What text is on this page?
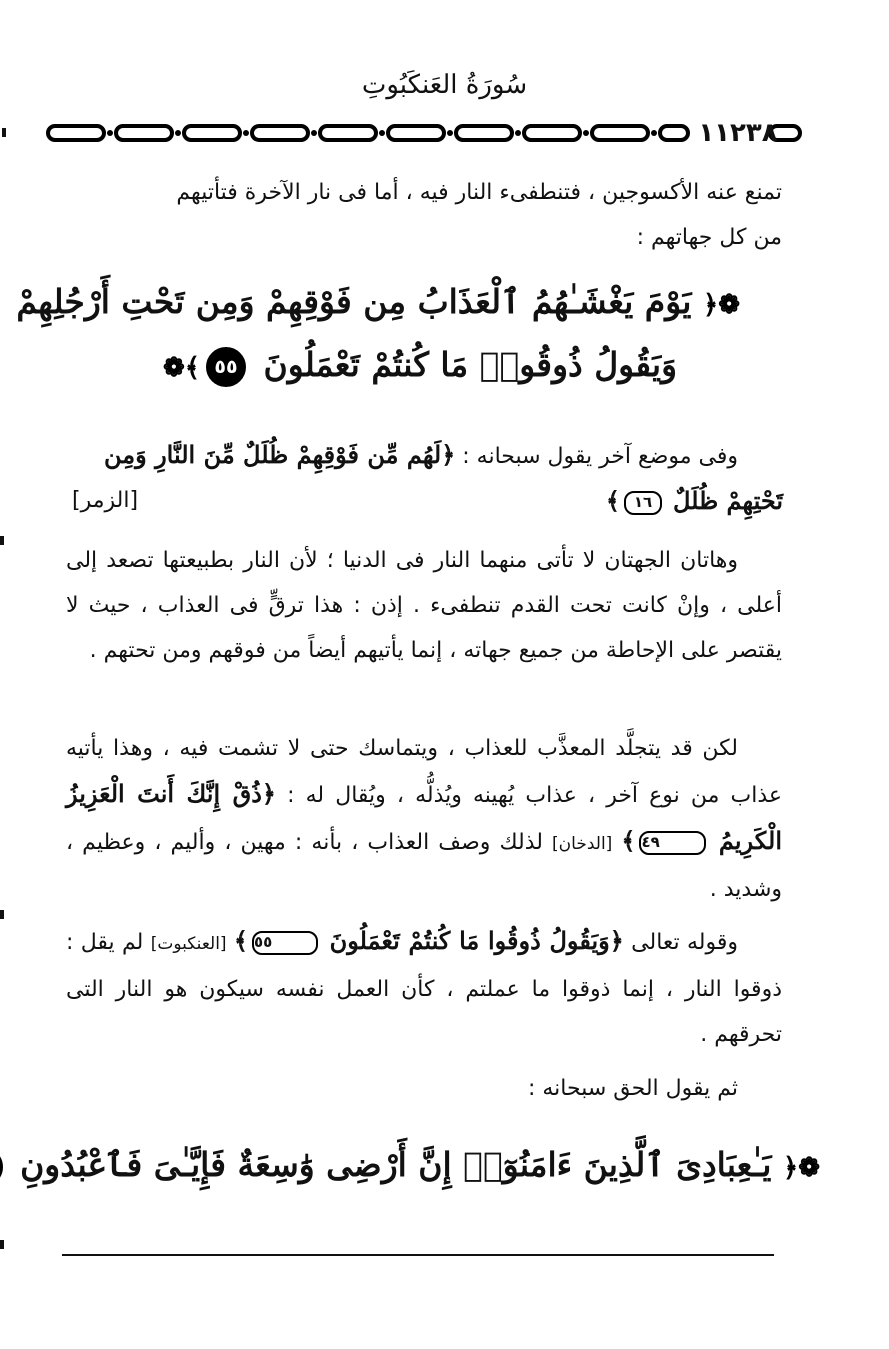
سُورَةُ العَنكَبُوتِ
١١٢٣٨
تمنع عنه الأكسوجين ، فتنطفىء النار فيه ، أما فى نار الآخرة فتأتيهم
من كل جهاتهم :
❁﴿ يَوْمَ يَغْشَـٰهُمُ ٱلْعَذَابُ مِن فَوْقِهِمْ وَمِن تَحْتِ أَرْجُلِهِمْ
وَيَقُولُ ذُوقُوا۟ مَا كُنتُمْ تَعْمَلُونَ ٥٥﴾❁
وفى موضع آخر يقول سبحانه : ﴿لَهُم مِّن فَوْقِهِمْ ظُلَلٌ مِّنَ النَّارِ وَمِن
تَحْتِهِمْ ظُلَلٌ ١٦﴾
[الزمر]
وهاتان الجهتان لا تأتى منهما النار فى الدنيا ؛ لأن النار بطبيعتها تصعد إلى أعلى ، وإنْ كانت تحت القدم تنطفىء . إذن : هذا ترقٍّ فى العذاب ، حيث لا يقتصر على الإحاطة من جميع جهاته ، إنما يأتيهم أيضاً من فوقهم ومن تحتهم .
لكن قد يتجلَّد المعذَّب للعذاب ، ويتماسك حتى لا تشمت فيه ، وهذا يأتيه عذاب من نوع آخر ، عذاب يُهينه ويُذلُّه ، ويُقال له : ﴿ذُقْ إِنَّكَ أَنتَ الْعَزِيزُ الْكَرِيمُ ٤٩﴾ [الدخان] لذلك وصف العذاب ، بأنه : مهين ، وأليم ، وعظيم ، وشديد .
وقوله تعالى ﴿وَيَقُولُ ذُوقُوا مَا كُنتُمْ تَعْمَلُونَ ٥٥﴾ [العنكبوت] لم يقل : ذوقوا النار ، إنما ذوقوا ما عملتم ، كأن العمل نفسه سيكون هو النار التى تحرقهم .
ثم يقول الحق سبحانه :
❁﴿ يَـٰعِبَادِىَ ٱلَّذِينَ ءَامَنُوٓا۟ إِنَّ أَرْضِى وَٰسِعَةٌ فَإِيَّـٰىَ فَٱعْبُدُونِ
